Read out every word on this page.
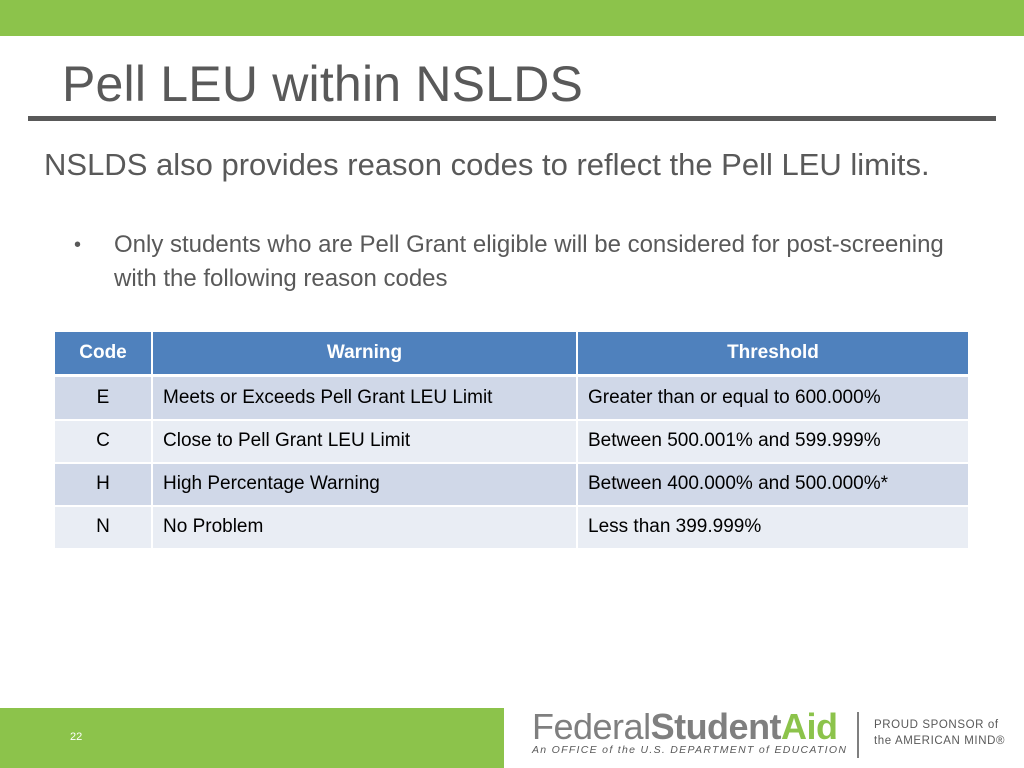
Pell LEU within NSLDS

NSLDS also provides reason codes to reflect the Pell LEU limits.

•	Only students who are Pell Grant eligible will be considered for post-screening with the following reason codes
Code	Warning	Threshold
E	Meets or Exceeds Pell Grant LEU Limit	Greater than or equal to 600.000%
C	Close to Pell Grant LEU Limit	Between 500.001% and 599.999%
H	High Percentage Warning	Between 400.000% and 500.000%*
N	No Problem	Less than 399.999%
22	FederalStudentAid
An OFFICE of the U.S. DEPARTMENT of EDUCATION
PROUD SPONSOR of
the AMERICAN MIND®
